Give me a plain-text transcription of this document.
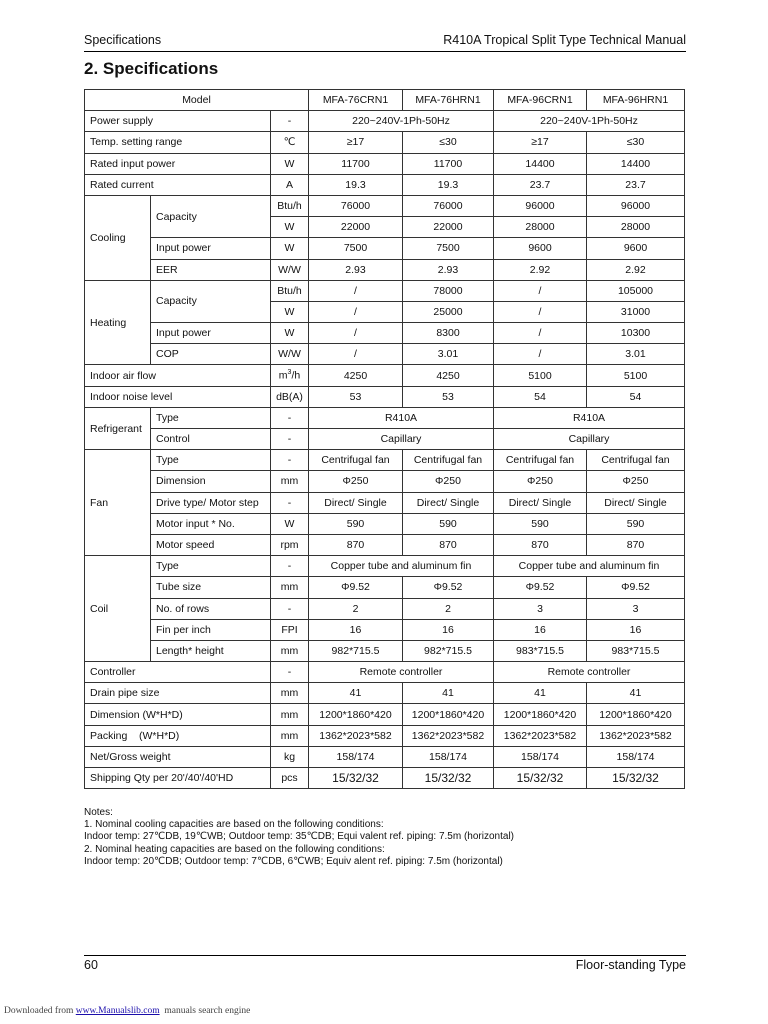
Specifications	R410A Tropical Split Type Technical Manual
2. Specifications
Model			MFA-76CRN1	MFA-76HRN1	MFA-96CRN1	MFA-96HRN1
Power supply		-	220~240V-1Ph-50Hz		220~240V-1Ph-50Hz	
Temp. setting range		℃	≥17	≤30	≥17	≤30
Rated input power		W	11700	11700	14400	14400
Rated current		A	19.3	19.3	23.7	23.7
Cooling	Capacity	Btu/h	76000	76000	96000	96000
		W	22000	22000	28000	28000
	Input power	W	7500	7500	9600	9600
	EER	W/W	2.93	2.93	2.92	2.92
Heating	Capacity	Btu/h	/	78000	/	105000
		W	/	25000	/	31000
	Input power	W	/	8300	/	10300
	COP	W/W	/	3.01	/	3.01
Indoor air flow		$m^3/h$	4250	4250	5100	5100
Indoor noise level		dB(A)	53	53	54	54
Refrigerant	Type	-	R410A		R410A	
	Control	-	Capillary		Capillary	
Fan	Type	-	Centrifugal fan	Centrifugal fan	Centrifugal fan	Centrifugal fan
	Dimension	mm	Φ250	Φ250	Φ250	Φ250
	Drive type/ Motor step	-	Direct/ Single	Direct/ Single	Direct/ Single	Direct/ Single
	Motor input * No.	W	590	590	590	590
	Motor speed	rpm	870	870	870	870
Coil	Type	-	Copper tube and aluminum fin		Copper tube and aluminum fin	
	Tube size	mm	Φ9.52	Φ9.52	Φ9.52	Φ9.52
	No. of rows	-	2	2	3	3
	Fin per inch	FPI	16	16	16	16
	Length* height	mm	982*715.5	982*715.5	983*715.5	983*715.5
Controller		-	Remote controller		Remote controller	
Drain pipe size		mm	41	41	41	41
Dimension (W*H*D)		mm	1200*1860*420	1200*1860*420	1200*1860*420	1200*1860*420
Packing    (W*H*D)		mm	1362*2023*582	1362*2023*582	1362*2023*582	1362*2023*582
Net/Gross weight		kg	158/174	158/174	158/174	158/174
Shipping Qty per 20'/40'/40'HD		pcs	15/32/32	15/32/32	15/32/32	15/32/32
Notes:
1. Nominal cooling capacities are based on the following conditions:
Indoor temp: 27℃DB, 19℃WB; Outdoor temp: 35℃DB; Equi valent ref. piping: 7.5m (horizontal)
2. Nominal heating capacities are based on the following conditions:
Indoor temp: 20℃DB; Outdoor temp: 7℃DB, 6℃WB; Equiv alent ref. piping: 7.5m (horizontal)
60	Floor-standing Type
Downloaded from www.Manualslib.com  manuals search engine
